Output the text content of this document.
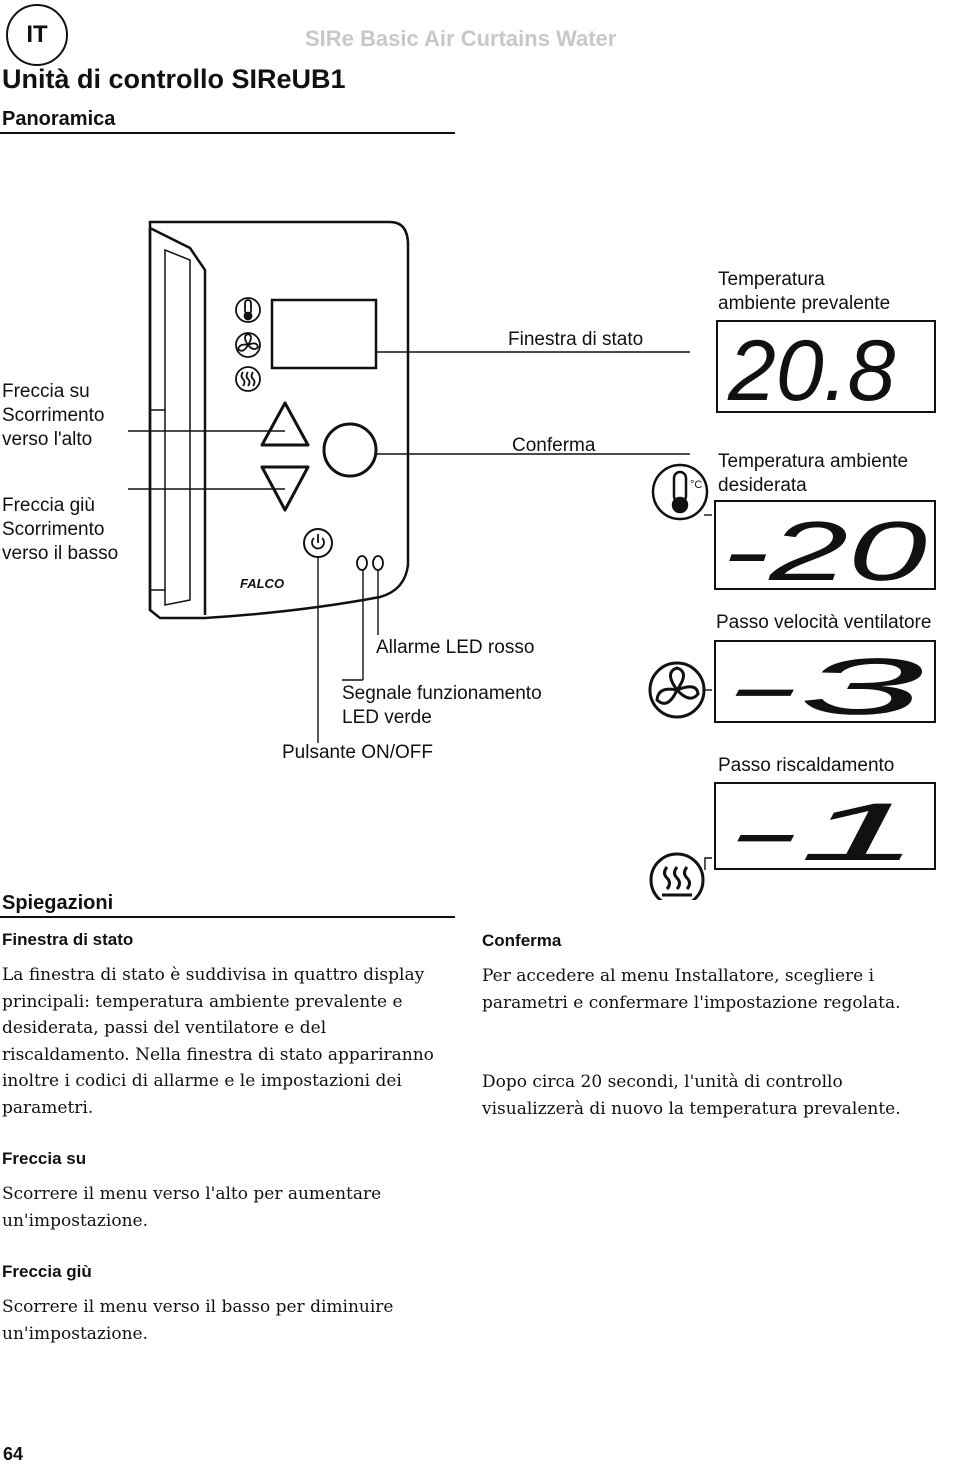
IT	SIRe Basic Air Curtains Water
Unità di controllo SIReUB1
Panoramica
FALCO
°C
Freccia su
Scorrimento
verso l'alto
Freccia giù
Scorrimento
verso il basso
Finestra di stato
Conferma
Allarme LED rosso
Segnale funzionamento
LED verde
Pulsante ON/OFF
Temperatura
ambiente prevalente
Temperatura ambiente
desiderata
Passo velocità ventilatore
Passo riscaldamento
20.8
-20
-3
-1
Spiegazioni
Finestra di stato
La finestra di stato è suddivisa in quattro display principali: temperatura ambiente prevalente e desiderata, passi del ventilatore e del riscaldamento. Nella finestra di stato appariranno inoltre i codici di allarme e le impostazioni dei parametri.
Freccia su
Scorrere il menu verso l'alto per aumentare un'impostazione.
Freccia giù
Scorrere il menu verso il basso per diminuire un'impostazione.
Conferma
Per accedere al menu Installatore, scegliere i parametri e confermare l'impostazione regolata.
Dopo circa 20 secondi, l'unità di controllo visualizzerà di nuovo la temperatura prevalente.
64
